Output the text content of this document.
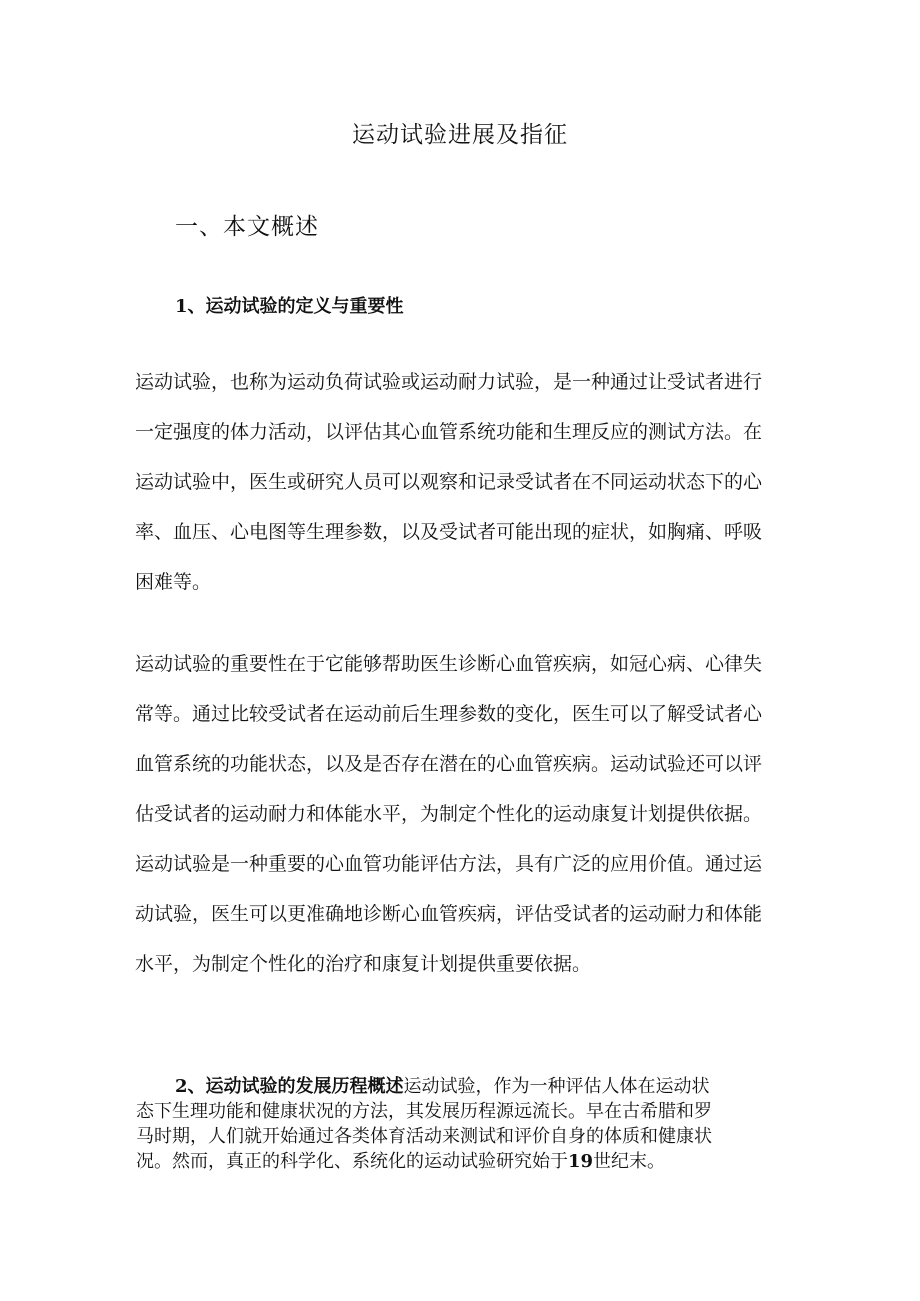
运动试验进展及指征
一、本文概述
1、运动试验的定义与重要性
运动试验，也称为运动负荷试验或运动耐力试验，是一种通过让受试者进行
一定强度的体力活动，以评估其心血管系统功能和生理反应的测试方法。在
运动试验中，医生或研究人员可以观察和记录受试者在不同运动状态下的心
率、血压、心电图等生理参数，以及受试者可能出现的症状，如胸痛、呼吸
困难等。
运动试验的重要性在于它能够帮助医生诊断心血管疾病，如冠心病、心律失
常等。通过比较受试者在运动前后生理参数的变化，医生可以了解受试者心
血管系统的功能状态，以及是否存在潜在的心血管疾病。运动试验还可以评
估受试者的运动耐力和体能水平，为制定个性化的运动康复计划提供依据。
运动试验是一种重要的心血管功能评估方法，具有广泛的应用价值。通过运
动试验，医生可以更准确地诊断心血管疾病，评估受试者的运动耐力和体能
水平，为制定个性化的治疗和康复计划提供重要依据。
2、运动试验的发展历程概述运动试验，作为一种评估人体在运动状
态下生理功能和健康状况的方法，其发展历程源远流长。早在古希腊和罗
马时期，人们就开始通过各类体育活动来测试和评价自身的体质和健康状
况。然而，真正的科学化、系统化的运动试验研究始于19世纪末。
